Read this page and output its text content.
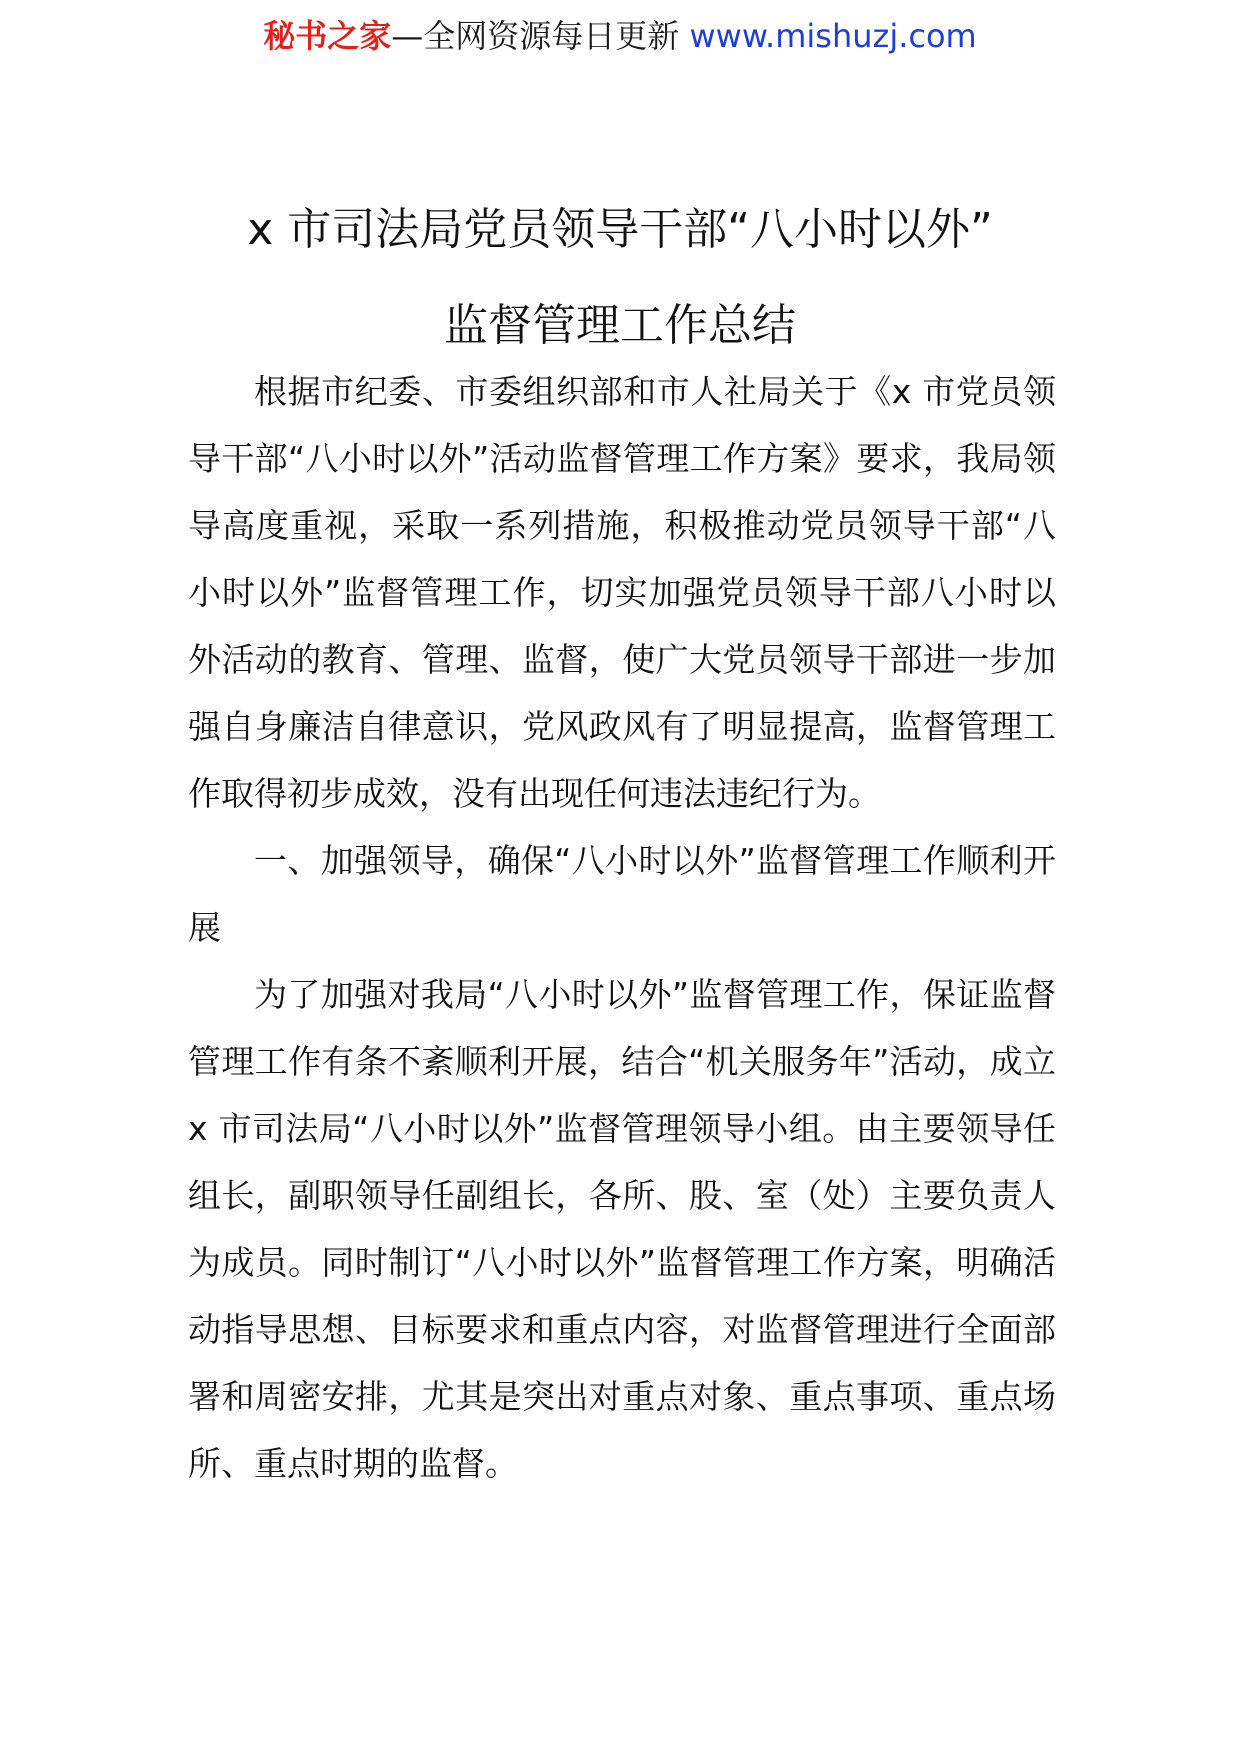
秘书之家—全网资源每日更新 www.mishuzj.com
x 市司法局党员领导干部“八小时以外”
监督管理工作总结

根据市纪委、市委组织部和市人社局关于《x 市党员领导干部“八小时以外”活动监督管理工作方案》要求，我局领导高度重视，采取一系列措施，积极推动党员领导干部“八小时以外”监督管理工作，切实加强党员领导干部八小时以外活动的教育、管理、监督，使广大党员领导干部进一步加强自身廉洁自律意识，党风政风有了明显提高，监督管理工作取得初步成效，没有出现任何违法违纪行为。

一、加强领导，确保“八小时以外”监督管理工作顺利开展

为了加强对我局“八小时以外”监督管理工作，保证监督管理工作有条不紊顺利开展，结合“机关服务年”活动，成立 x 市司法局“八小时以外”监督管理领导小组。由主要领导任组长，副职领导任副组长，各所、股、室（处）主要负责人为成员。同时制订“八小时以外”监督管理工作方案，明确活动指导思想、目标要求和重点内容，对监督管理进行全面部署和周密安排，尤其是突出对重点对象、重点事项、重点场所、重点时期的监督。
